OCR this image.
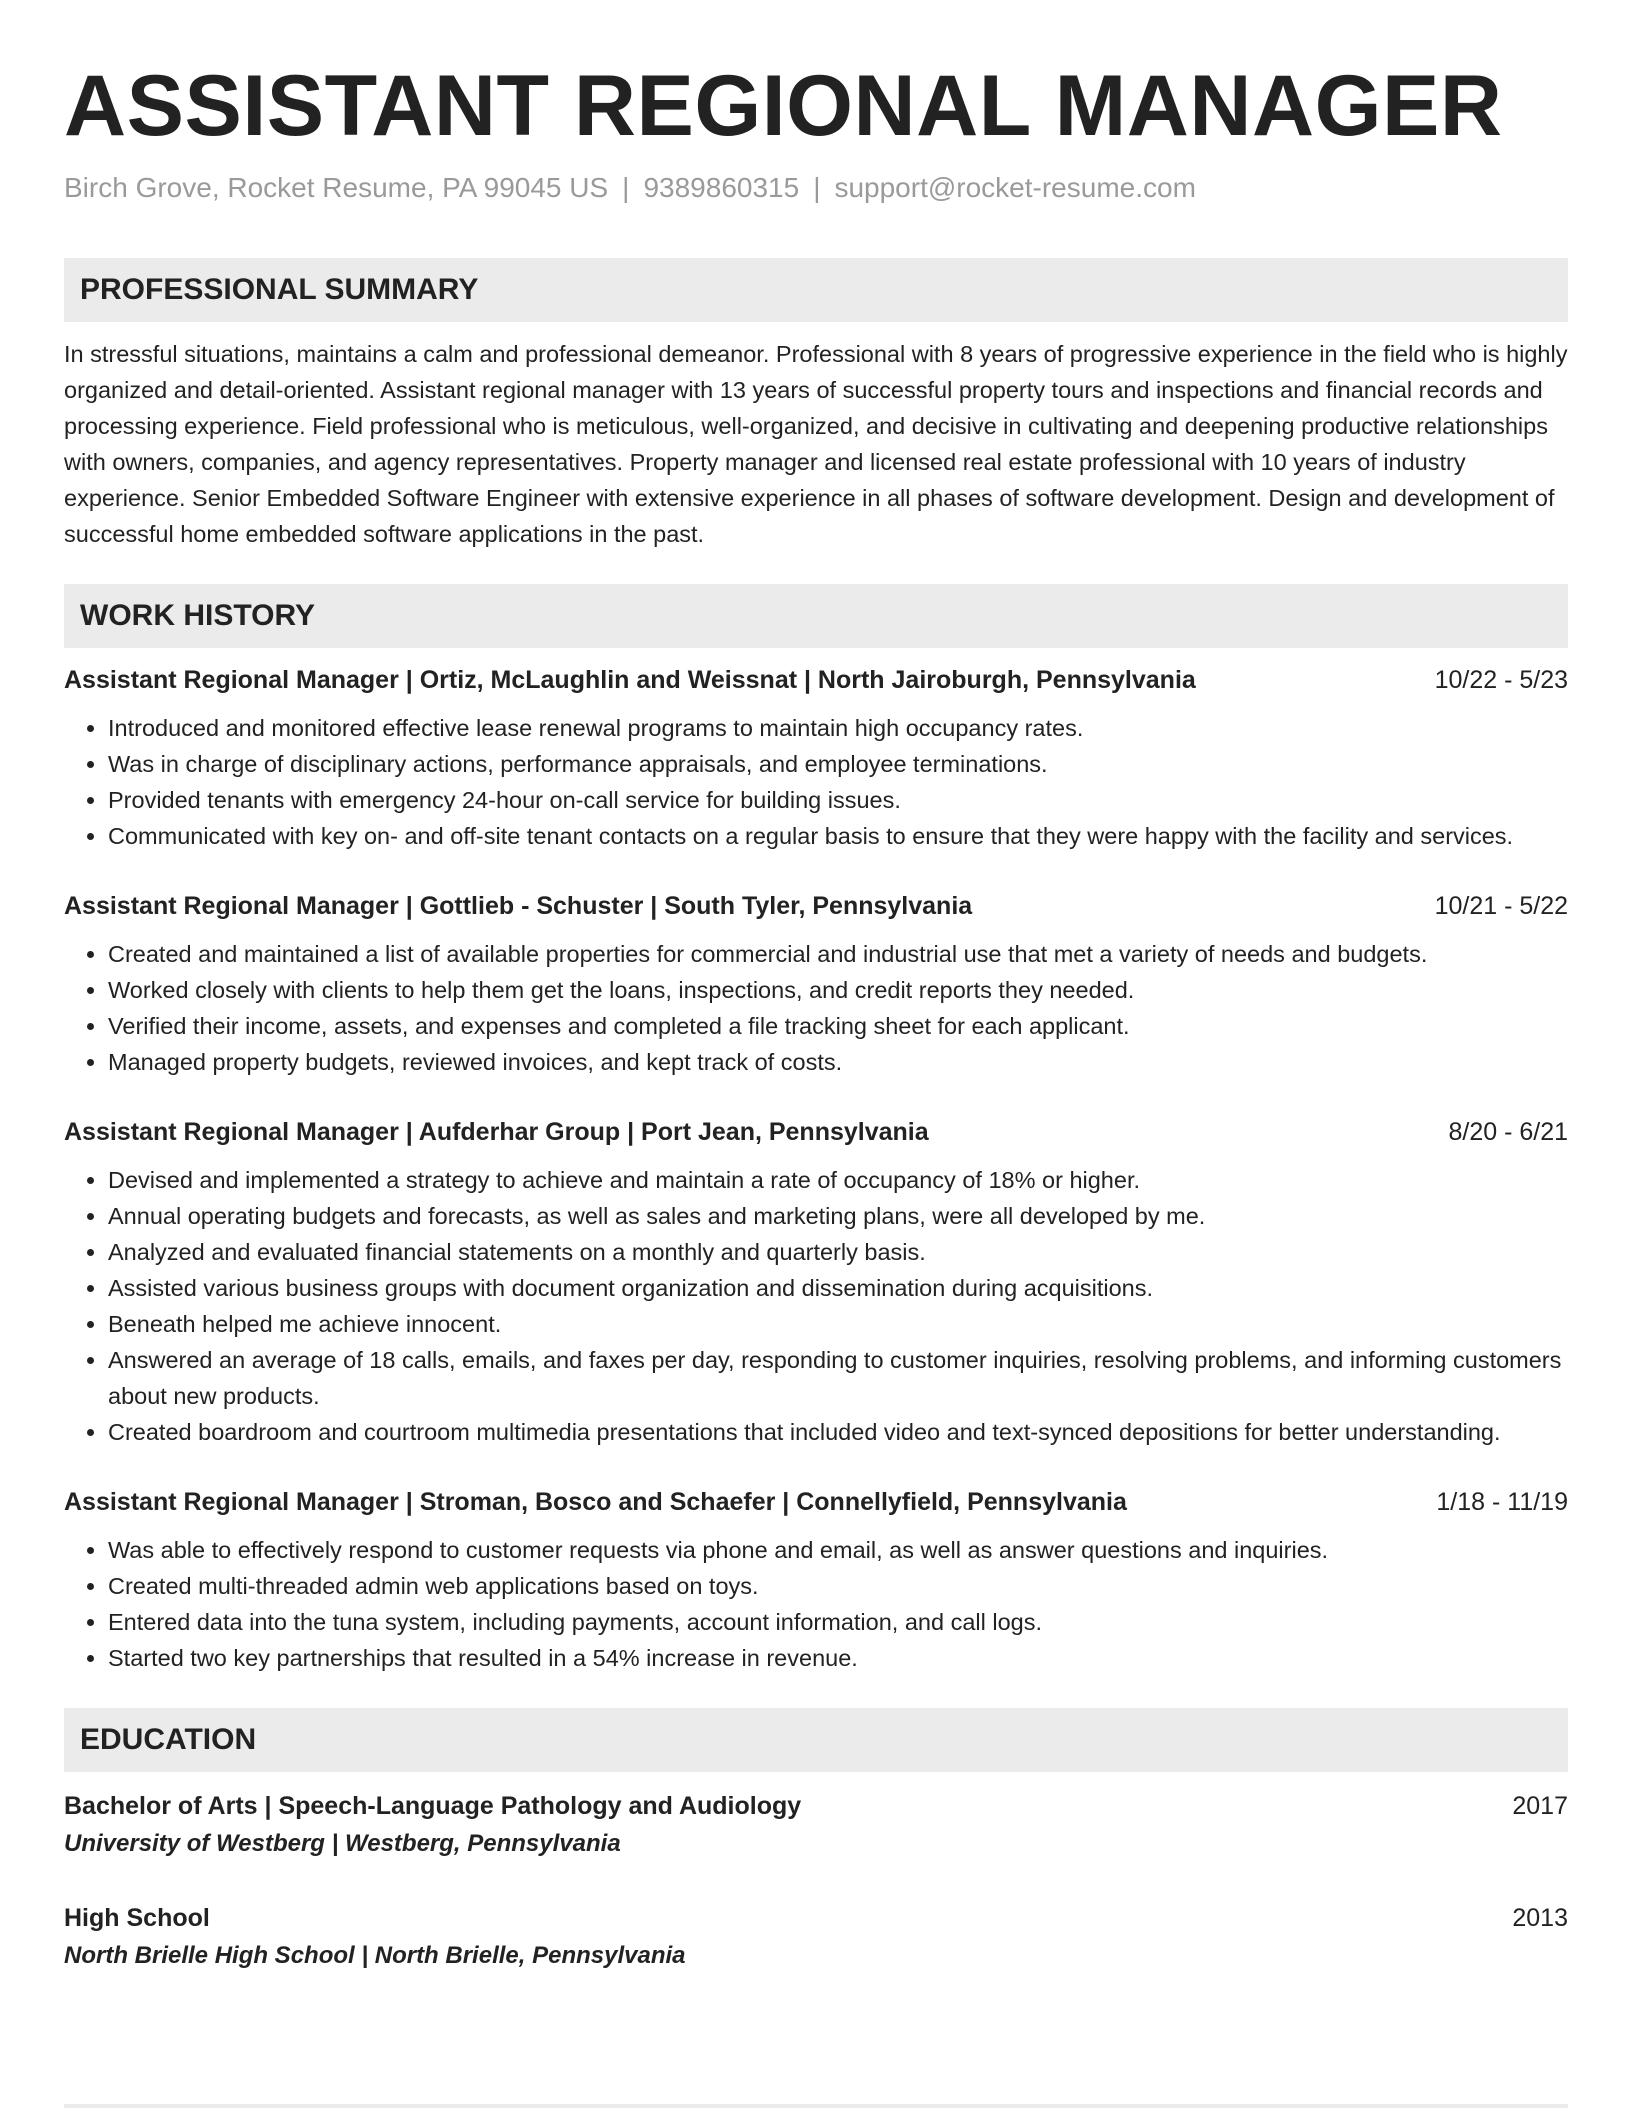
ASSISTANT REGIONAL MANAGER
Birch Grove, Rocket Resume, PA 99045 US | 9389860315 | support@rocket-resume.com
PROFESSIONAL SUMMARY
In stressful situations, maintains a calm and professional demeanor. Professional with 8 years of progressive experience in the field who is highly organized and detail-oriented. Assistant regional manager with 13 years of successful property tours and inspections and financial records and processing experience. Field professional who is meticulous, well-organized, and decisive in cultivating and deepening productive relationships with owners, companies, and agency representatives. Property manager and licensed real estate professional with 10 years of industry experience. Senior Embedded Software Engineer with extensive experience in all phases of software development. Design and development of successful home embedded software applications in the past.
WORK HISTORY
Assistant Regional Manager | Ortiz, McLaughlin and Weissnat | North Jairoburgh, Pennsylvania	10/22 - 5/23
• Introduced and monitored effective lease renewal programs to maintain high occupancy rates.
• Was in charge of disciplinary actions, performance appraisals, and employee terminations.
• Provided tenants with emergency 24-hour on-call service for building issues.
• Communicated with key on- and off-site tenant contacts on a regular basis to ensure that they were happy with the facility and services.
Assistant Regional Manager | Gottlieb - Schuster | South Tyler, Pennsylvania	10/21 - 5/22
• Created and maintained a list of available properties for commercial and industrial use that met a variety of needs and budgets.
• Worked closely with clients to help them get the loans, inspections, and credit reports they needed.
• Verified their income, assets, and expenses and completed a file tracking sheet for each applicant.
• Managed property budgets, reviewed invoices, and kept track of costs.
Assistant Regional Manager | Aufderhar Group | Port Jean, Pennsylvania	8/20 - 6/21
• Devised and implemented a strategy to achieve and maintain a rate of occupancy of 18% or higher.
• Annual operating budgets and forecasts, as well as sales and marketing plans, were all developed by me.
• Analyzed and evaluated financial statements on a monthly and quarterly basis.
• Assisted various business groups with document organization and dissemination during acquisitions.
• Beneath helped me achieve innocent.
• Answered an average of 18 calls, emails, and faxes per day, responding to customer inquiries, resolving problems, and informing customers about new products.
• Created boardroom and courtroom multimedia presentations that included video and text-synced depositions for better understanding.
Assistant Regional Manager | Stroman, Bosco and Schaefer | Connellyfield, Pennsylvania	1/18 - 11/19
• Was able to effectively respond to customer requests via phone and email, as well as answer questions and inquiries.
• Created multi-threaded admin web applications based on toys.
• Entered data into the tuna system, including payments, account information, and call logs.
• Started two key partnerships that resulted in a 54% increase in revenue.
EDUCATION
Bachelor of Arts | Speech-Language Pathology and Audiology	2017
University of Westberg | Westberg, Pennsylvania
High School	2013
North Brielle High School | North Brielle, Pennsylvania
